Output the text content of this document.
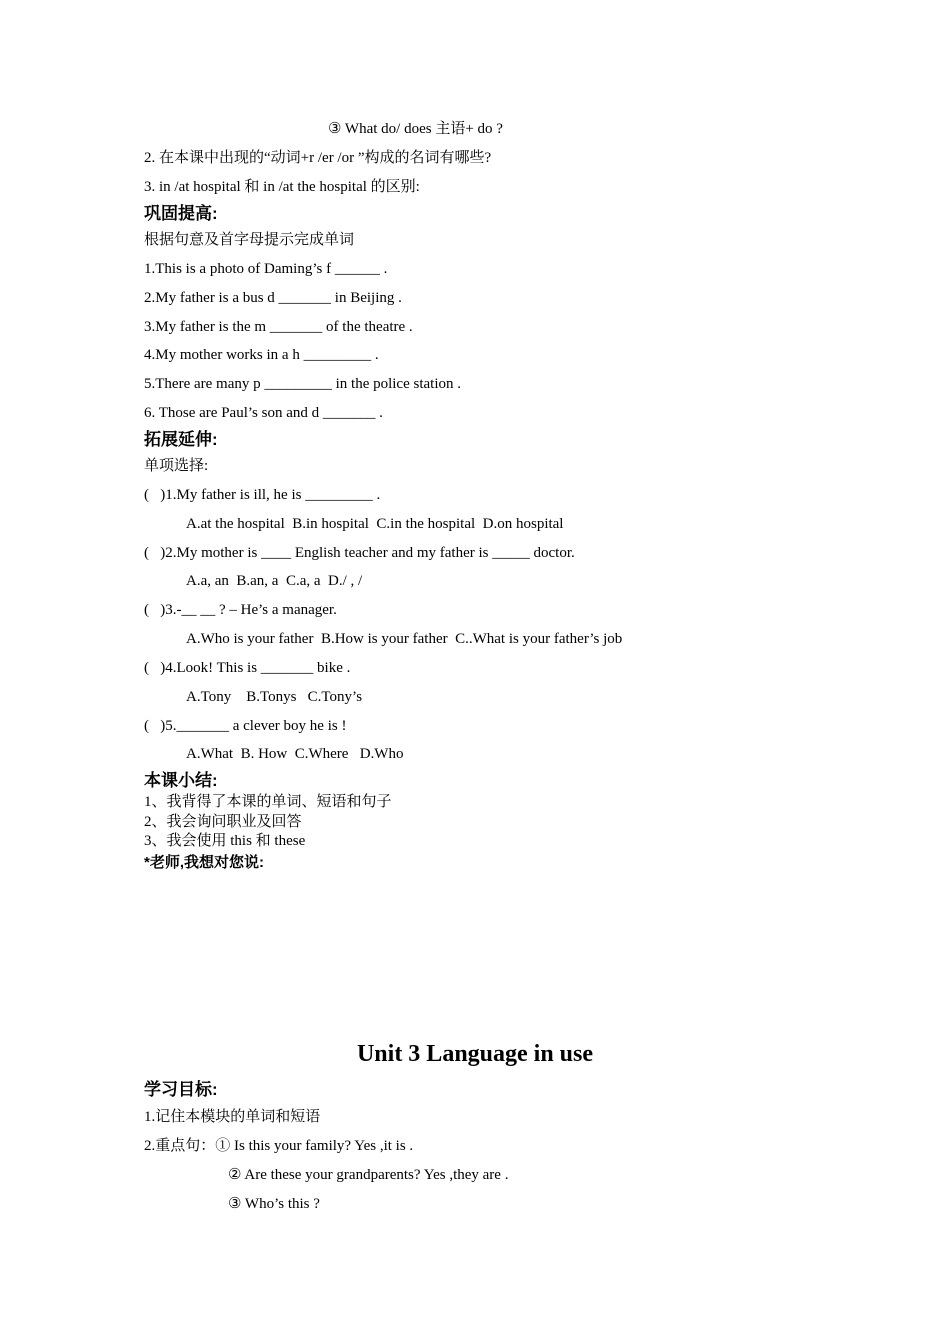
③ What do/ does 主语+ do ?
2. 在本课中出现的“动词+r /er /or ”构成的名词有哪些?
3. in /at hospital 和 in /at the hospital 的区别:
巩固提高:
根据句意及首字母提示完成单词
1.This is a photo of Daming’s f ______ .
2.My father is a bus d _______ in Beijing .
3.My father is the m _______ of the theatre .
4.My mother works in a h _________ .
5.There are many p _________ in the police station .
6. Those are Paul’s son and d _______ .
拓展延伸:
单项选择:
(   )1.My father is ill, he is _________ .
A.at the hospital  B.in hospital  C.in the hospital  D.on hospital
(   )2.My mother is ____ English teacher and my father is _____ doctor.
A.a, an  B.an, a  C.a, a  D./ , /
(   )3.-__ __ ? – He’s a manager.
A.Who is your father  B.How is your father  C..What is your father’s job
(   )4.Look! This is _______ bike .
A.Tony    B.Tonys   C.Tony’s
(   )5._______ a clever boy he is !
A.What  B. How  C.Where   D.Who
本课小结:
1、我背得了本课的单词、短语和句子
2、我会询问职业及回答
3、我会使用 this 和 these
*老师,我想对您说:
Unit 3 Language in use
学习目标:
1.记住本模块的单词和短语
2.重点句：① Is this your family? Yes ,it is .
② Are these your grandparents? Yes ,they are .
③ Who’s this ?
